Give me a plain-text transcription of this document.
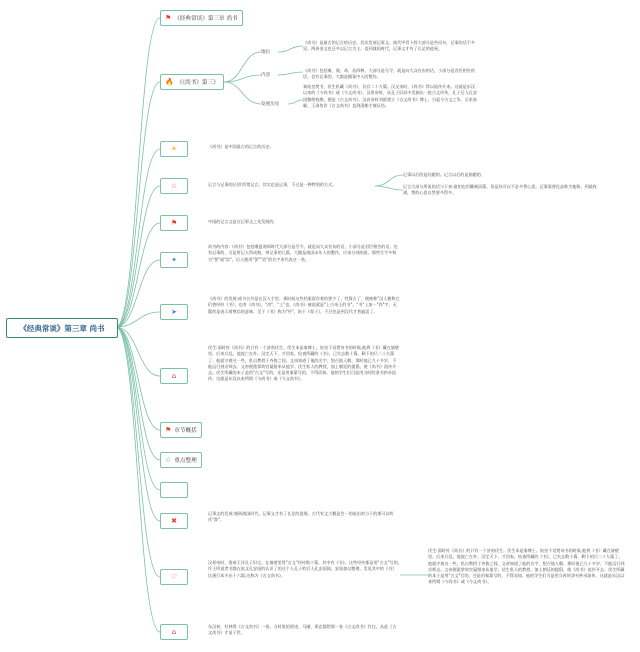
《经典常谈》第三章 尚书
⚑ 《经典常谈》第三章 尚书
🔥 《《尚书》第三》
☀
☆
⚑
✦
➤
⌂
⚑ 章节概括
☆ 重点整理
✖
♡
⌂
地位
内容
发展历史
《尚书》是最古的记言的历史。其次发展记事文。商代甲骨卜辞大部分是些问句，记事的话不多见。两周金文也还多以记言为主。直到战国时代，记事文才有了长足的进展。
《尚书》包括典、谟、命、诰四种。大部分是号令，就是向大众宣布的话，小部分是君臣相告的话。也有记事的，大都是檀案中人的製作。
秦始皇焚书，伏生私藏《尚书》，仅存二十九篇。汉文帝时，《尚书》得以流传开来。这就是东汉以来的《今尚书》或《今文尚书》。汉景帝时，从孔子旧居中发掘出一批古文经传，孔子后人孔安国整理校勘，便是《古文尚书》。汉哀帝时刘歆建立《古文尚书》博士，引起今古文之争。后来张霸、王肃伪作《古文尚书》直到清朝才被证伪。
《尚书》是中国最古的记言的历史。
记言与记事的区别:所谓记言，其实也是记事，不过是一种特别的方式。
记事以后的是问题的。记言以后的是据题的。
记言大部分所说的话与下来:最怕也用雕刻而篇。但是你可以不必多费心思。记事需要化品称为他称，到最终满，费的心思自然要多得多。
中国的记言文是在记事文之先发展的。
尚书的内容:《尚书》包括虞夏商周时代大部分是号令，就是向大众宣布的话，小部分是君臣相告的话。也有记事的，可是所记人所成数，带记事的几篇，大概是战国末年人的製作，应该分别的看。那些号令多称为"誓"或"诰"，后人便用"誓""诰"的名字来代表这一类。
《尚书》的发展:或书名并是在汉人手里。那时候这些档案留存着的要少了，性質古了，便被称"汉人便称它们曾经叫《书》，也有《尚书》，"尚"，"上"也，《尚书》被说就是"上古帝王的书"。"书"上加一"尚"字，无疑的是表示着尊信的意味，至于《书》称为"经"，始于《荀子》，不过也是到汉代才普遍罢了。
伏生:面时传《尚书》的只有一个济南伏生。伏生本是秦博士。始皇下诏焚诗书的时候,他将《书》藏在墙壁里。后来兵乱，他流亡在外。汉定天下，才回家，检查所藏的《书》，已失去数十篇，剩下的只二十九篇了。他就守着这一些，私自教授于齐鲁之间。文帝知道了他的名字，想召他入朝。那时他已九十多岁，不能远行到京师去。文帝便派掌故官晁错来从他学。伏生私人的教授，加上朝廷的提倡，使《尚书》流传开去。伏生所藏的本子是用"古文"写的，还是用秦篆写的，不得而知。他的学生们可是用当时的隶书抄录流传。这就是东汉以来所谓《今尚书》或《今文尚书》。
记事文的发展:虞到战国时代，记事文才有了长足的进展。古代有文大概是会一的说出的与下的那可以叫作"辞"。
汉景帝时，鲁恭王坏孔子旧宅。在墙壁里得"古文"经传数十篇，其中有《书》。这些经传都是用"古文"写的,许王所说者书都在说文孔安国的认识了的这个人孔子的后人孔安国阅。安国加以整理，发见其中的《书》比通行本多出十六篇;这称为《古文尚书》。
伏生:面时传《尚书》的只有一个济南伏生。伏生本是秦博士。始皇下诏焚诗书的时候,他将《书》藏在墙壁里。后来兵乱，他流亡在外。汉定天下，才回家，检查所藏的《书》，已失去数十篇，剩下的只二十九篇了。他就守着这一些，私自教授于齐鲁之间。文帝知道了他的名字，想召他入朝。那时他已九十多岁，不能远行到京师去。文帝便派掌故官晁错来从他学。伏生私人的教授，加上朝廷的提倡，使《尚书》流传开去。伏生所藏的本子是用"古文"写的，还是用秦篆写的，不得而知。他的学生们可是用当时的隶书抄录流传。这就是东汉以来所谓《今尚书》或《今文尚书》。
东汉初，杜林得《古文尚书》一卷。当时说的贾逵、马融、郑玄都给那一卷《古文尚书》作注，从此《古文尚书》才显于世。
